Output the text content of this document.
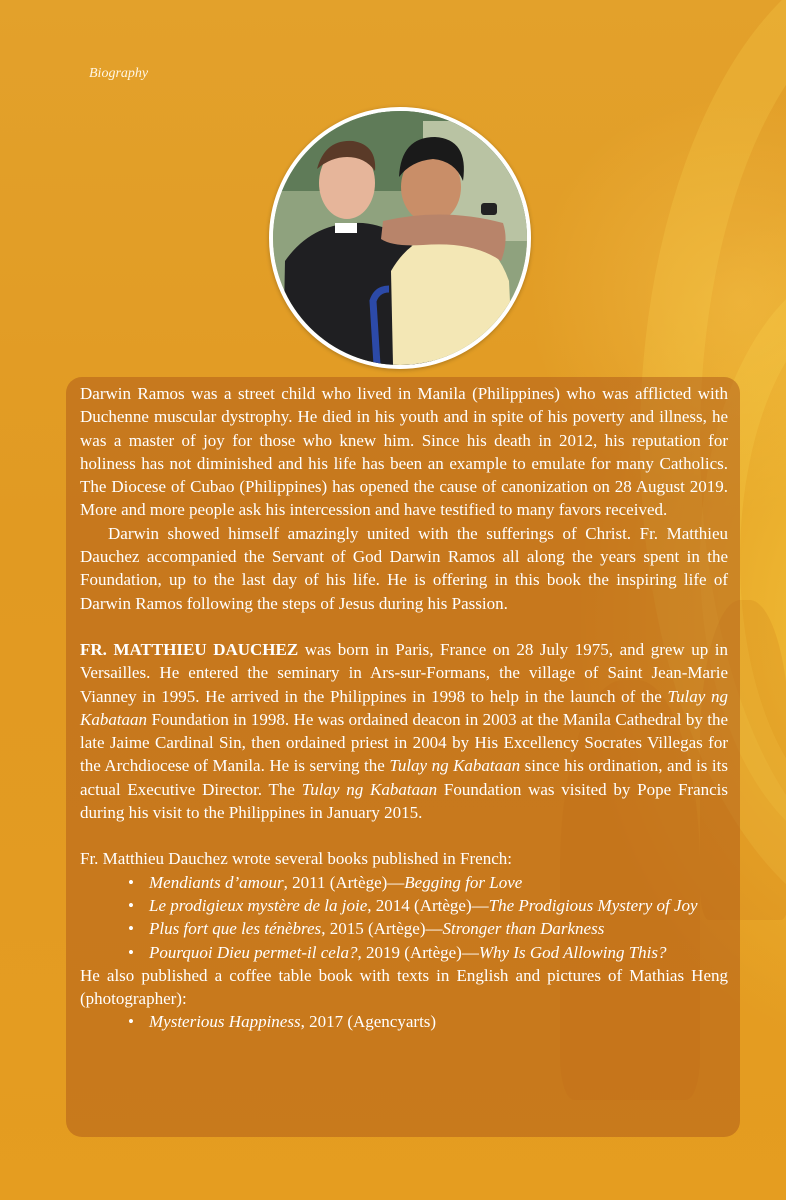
Biography

Darwin Ramos was a street child who lived in Manila (Philippines) who was afflicted with Duchenne muscular dystrophy. He died in his youth and in spite of his poverty and illness, he was a master of joy for those who knew him. Since his death in 2012, his reputation for holiness has not diminished and his life has been an example to emulate for many Catholics. The Diocese of Cubao (Philippines) has opened the cause of canonization on 28 August 2019. More and more people ask his intercession and have testified to many favors received.

Darwin showed himself amazingly united with the sufferings of Christ. Fr. Matthieu Dauchez accompanied the Servant of God Darwin Ramos all along the years spent in the Foundation, up to the last day of his life. He is offering in this book the inspiring life of Darwin Ramos following the steps of Jesus during his Passion.

FR. MATTHIEU DAUCHEZ was born in Paris, France on 28 July 1975, and grew up in Versailles. He entered the seminary in Ars-sur-Formans, the village of Saint Jean-Marie Vianney in 1995. He arrived in the Philippines in 1998 to help in the launch of the Tulay ng Kabataan Foundation in 1998. He was ordained deacon in 2003 at the Manila Cathedral by the late Jaime Cardinal Sin, then ordained priest in 2004 by His Excellency Socrates Villegas for the Archdiocese of Manila. He is serving the Tulay ng Kabataan since his ordination, and is its actual Executive Director. The Tulay ng Kabataan Foundation was visited by Pope Francis during his visit to the Philippines in January 2015.

Fr. Matthieu Dauchez wrote several books published in French:

• Mendiants d’amour, 2011 (Artège)—Begging for Love
• Le prodigieux mystère de la joie, 2014 (Artège)—The Prodigious Mystery of Joy
• Plus fort que les ténèbres, 2015 (Artège)—Stronger than Darkness
• Pourquoi Dieu permet-il cela?, 2019 (Artège)—Why Is God Allowing This?

He also published a coffee table book with texts in English and pictures of Mathias Heng (photographer):

• Mysterious Happiness, 2017 (Agencyarts)
